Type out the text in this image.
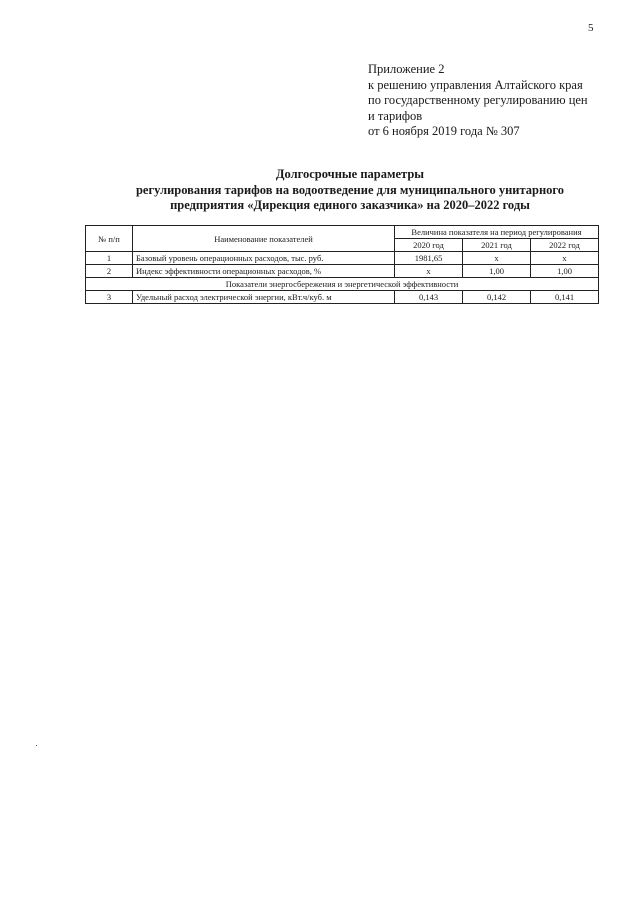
5
Приложение 2
к решению управления Алтайского края
по государственному регулированию цен
и тарифов
от 6 ноября 2019 года № 307
Долгосрочные параметры
регулирования тарифов на водоотведение для муниципального унитарного
предприятия «Дирекция единого заказчика» на 2020–2022 годы
№ п/п	Наименование показателей	Величина показателя на период регулирования		
		2020 год	2021 год	2022 год
1	Базовый уровень операционных расходов, тыс. руб.	1981,65	х	х
2	Индекс эффективности операционных расходов, %	х	1,00	1,00
Показатели энергосбережения и энергетической эффективности				
3	Удельный расход электрической энергии, кВт.ч/куб. м	0,143	0,142	0,141
